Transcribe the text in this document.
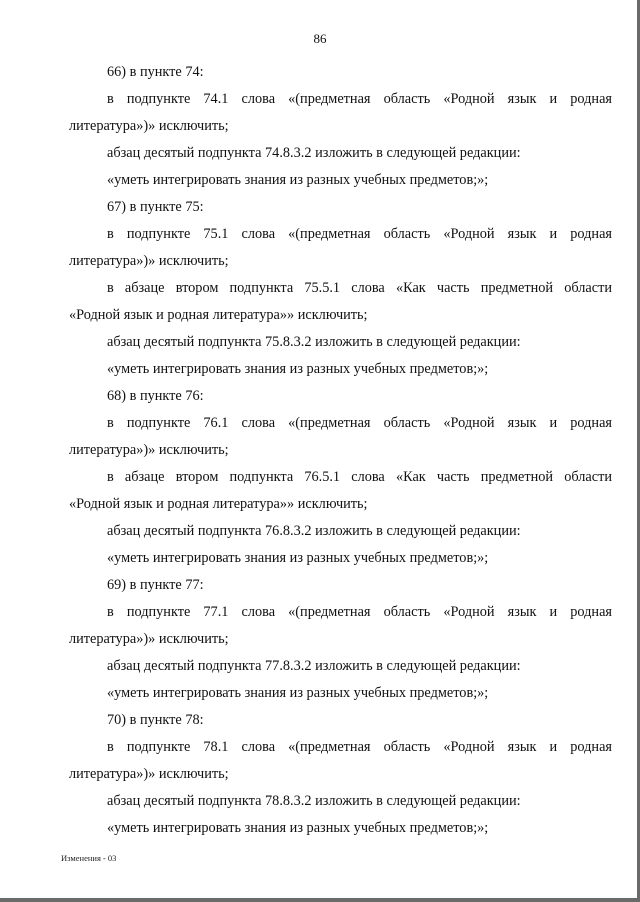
86
66) в пункте 74:
в подпункте 74.1 слова «(предметная область «Родной язык и родная
литература»)» исключить;
абзац десятый подпункта 74.8.3.2 изложить в следующей редакции:
«уметь интегрировать знания из разных учебных предметов;»;
67) в пункте 75:
в подпункте 75.1 слова «(предметная область «Родной язык и родная
литература»)» исключить;
в абзаце втором подпункта 75.5.1 слова «Как часть предметной области
«Родной язык и родная литература»» исключить;
абзац десятый подпункта 75.8.3.2 изложить в следующей редакции:
«уметь интегрировать знания из разных учебных предметов;»;
68) в пункте 76:
в подпункте 76.1 слова «(предметная область «Родной язык и родная
литература»)» исключить;
в абзаце втором подпункта 76.5.1 слова «Как часть предметной области
«Родной язык и родная литература»» исключить;
абзац десятый подпункта 76.8.3.2 изложить в следующей редакции:
«уметь интегрировать знания из разных учебных предметов;»;
69) в пункте 77:
в подпункте 77.1 слова «(предметная область «Родной язык и родная
литература»)» исключить;
абзац десятый подпункта 77.8.3.2 изложить в следующей редакции:
«уметь интегрировать знания из разных учебных предметов;»;
70) в пункте 78:
в подпункте 78.1 слова «(предметная область «Родной язык и родная
литература»)» исключить;
абзац десятый подпункта 78.8.3.2 изложить в следующей редакции:
«уметь интегрировать знания из разных учебных предметов;»;
Изменения - 03
